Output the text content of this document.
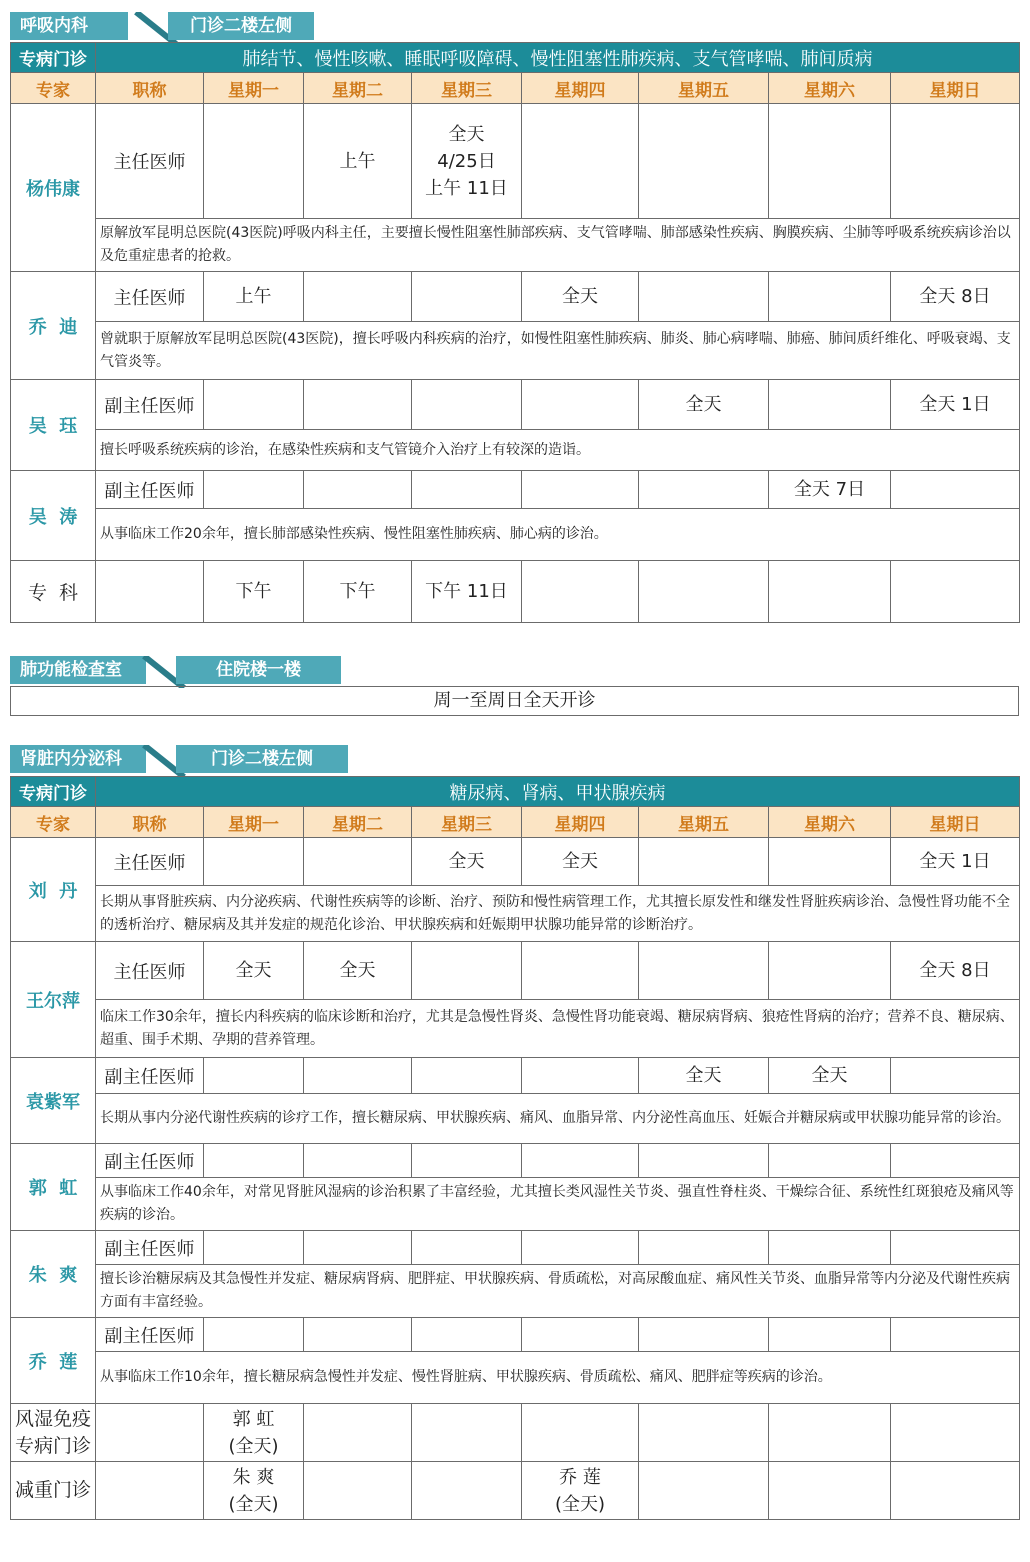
呼吸内科	门诊二楼左侧
专病门诊	肺结节、慢性咳嗽、睡眠呼吸障碍、慢性阻塞性肺疾病、支气管哮喘、肺间质病							
专家	职称	星期一	星期二	星期三	星期四	星期五	星期六	星期日
杨伟康	主任医师		上午	全天
4/25日
上午 11日				
	原解放军昆明总医院(43医院)呼吸内科主任，主要擅长慢性阻塞性肺部疾病、支气管哮喘、肺部感染性疾病、胸膜疾病、尘肺等呼吸系统疾病诊治以及危重症患者的抢救。							
乔  迪	主任医师	上午			全天			全天 8日
	曾就职于原解放军昆明总医院(43医院)，擅长呼吸内科疾病的治疗，如慢性阻塞性肺疾病、肺炎、肺心病哮喘、肺癌、肺间质纤维化、呼吸衰竭、支气管炎等。							
吴  珏	副主任医师					全天		全天 1日
	擅长呼吸系统疾病的诊治，在感染性疾病和支气管镜介入治疗上有较深的造诣。							
吴  涛	副主任医师						全天 7日	
	从事临床工作20余年，擅长肺部感染性疾病、慢性阻塞性肺疾病、肺心病的诊治。							
专  科		下午	下午	下午 11日				
肺功能检查室	住院楼一楼
周一至周日全天开诊
肾脏内分泌科	门诊二楼左侧
专病门诊	糖尿病、肾病、甲状腺疾病							
专家	职称	星期一	星期二	星期三	星期四	星期五	星期六	星期日
刘  丹	主任医师			全天	全天			全天 1日
	长期从事肾脏疾病、内分泌疾病、代谢性疾病等的诊断、治疗、预防和慢性病管理工作，尤其擅长原发性和继发性肾脏疾病诊治、急慢性肾功能不全的透析治疗、糖尿病及其并发症的规范化诊治、甲状腺疾病和妊娠期甲状腺功能异常的诊断治疗。							
王尔萍	主任医师	全天	全天					全天 8日
	临床工作30余年，擅长内科疾病的临床诊断和治疗，尤其是急慢性肾炎、急慢性肾功能衰竭、糖尿病肾病、狼疮性肾病的治疗；营养不良、糖尿病、超重、围手术期、孕期的营养管理。							
袁紫军	副主任医师					全天	全天	
	长期从事内分泌代谢性疾病的诊疗工作，擅长糖尿病、甲状腺疾病、痛风、血脂异常、内分泌性高血压、妊娠合并糖尿病或甲状腺功能异常的诊治。							
郭  虹	副主任医师							
	从事临床工作40余年，对常见肾脏风湿病的诊治积累了丰富经验，尤其擅长类风湿性关节炎、强直性脊柱炎、干燥综合征、系统性红斑狼疮及痛风等疾病的诊治。							
朱  爽	副主任医师							
	擅长诊治糖尿病及其急慢性并发症、糖尿病肾病、肥胖症、甲状腺疾病、骨质疏松，对高尿酸血症、痛风性关节炎、血脂异常等内分泌及代谢性疾病方面有丰富经验。							
乔  莲	副主任医师							
	从事临床工作10余年，擅长糖尿病急慢性并发症、慢性肾脏病、甲状腺疾病、骨质疏松、痛风、肥胖症等疾病的诊治。							
风湿免疫
专病门诊		郭 虹
(全天)						
减重门诊		朱 爽
(全天)			乔 莲
(全天)			
